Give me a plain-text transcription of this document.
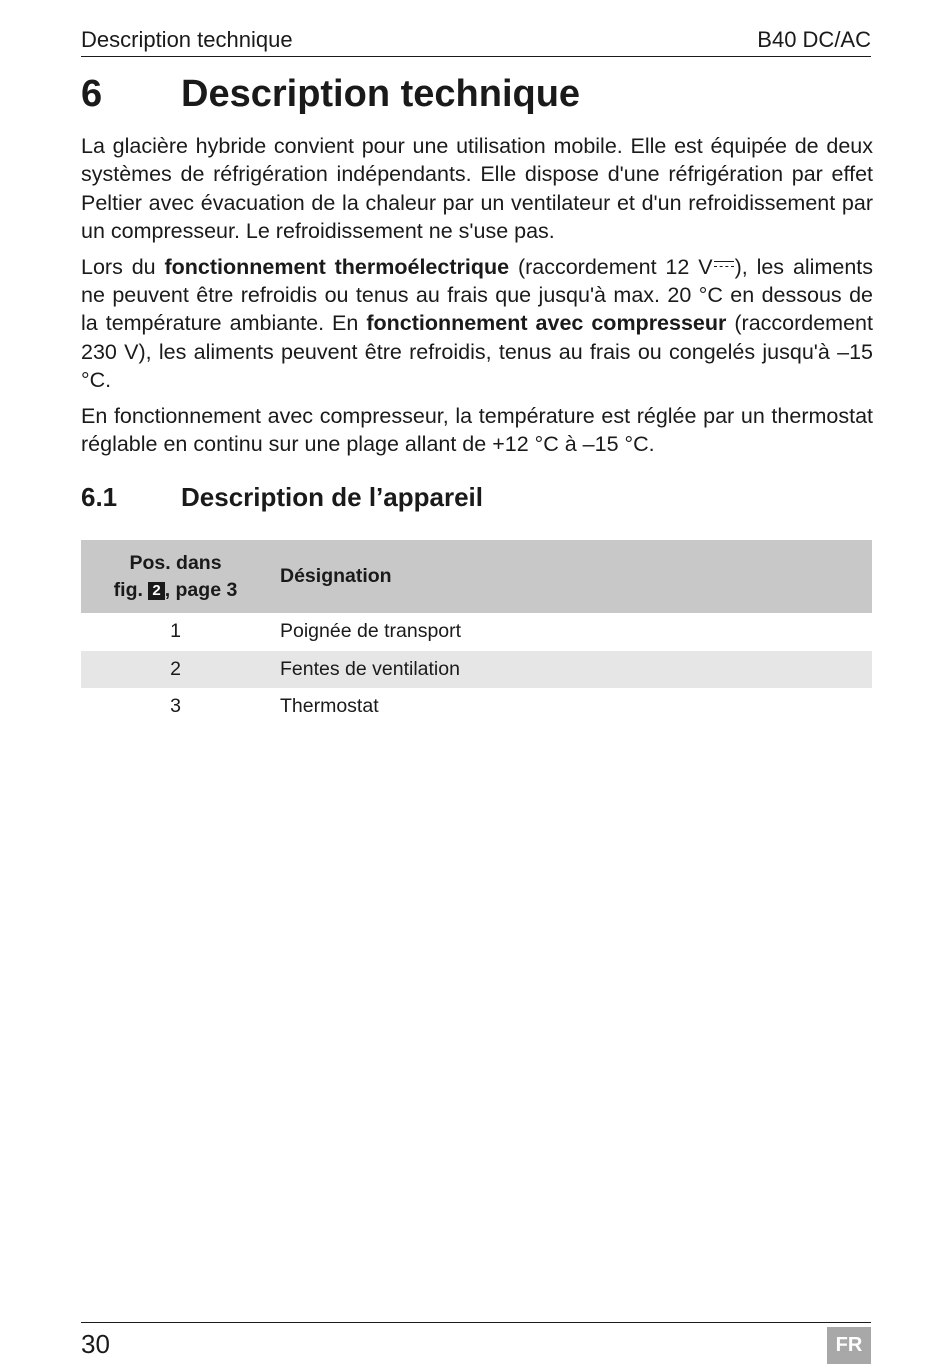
Description technique	B40 DC/AC
6 Description technique

La glacière hybride convient pour une utilisation mobile. Elle est équipée de deux systèmes de réfrigération indépendants. Elle dispose d'une réfrigération par effet Peltier avec évacuation de la chaleur par un ventilateur et d'un refroidissement par un compresseur. Le refroidissement ne s'use pas.

Lors du fonctionnement thermoélectrique (raccordement 12 V ), les aliments ne peuvent être refroidis ou tenus au frais que jusqu'à max. 20 °C en dessous de la température ambiante. En fonctionnement avec compresseur (raccordement 230 V), les aliments peuvent être refroidis, tenus au frais ou congelés jusqu'à –15 °C.

En fonctionnement avec compresseur, la température est réglée par un thermostat réglable en continu sur une plage allant de +12 °C à –15 °C.

6.1 Description de l’appareil
Pos. dans
fig. 2 , page 3	Désignation
1	Poignée de transport
2	Fentes de ventilation
3	Thermostat
30	FR
